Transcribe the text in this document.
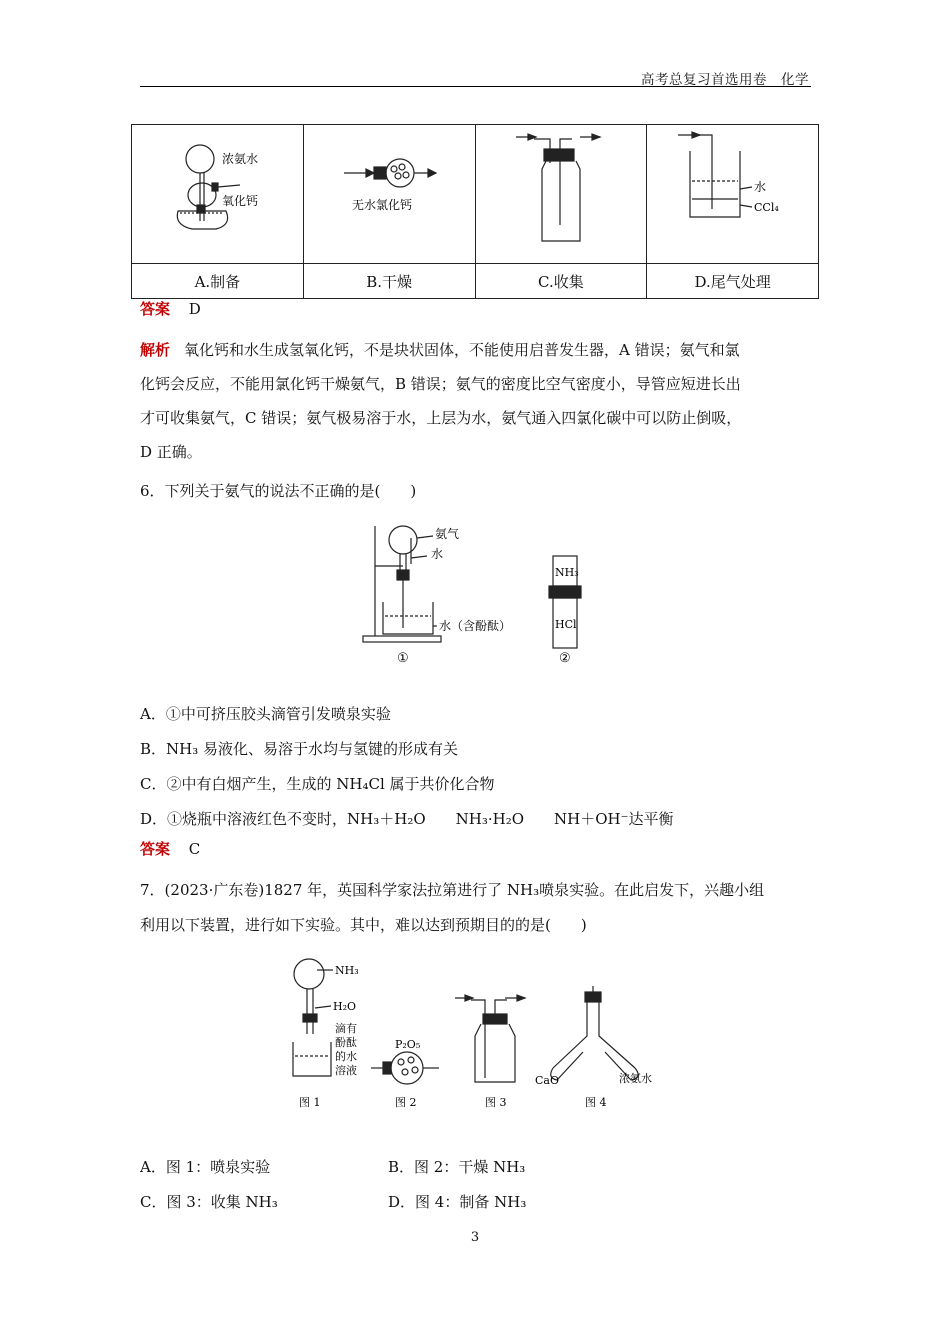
高考总复习首选用卷　化学
浓氨水
氧化钙	无水氯化钙		水
CCl₄

A.制备	B.干燥	C.收集	D.尾气处理
答案 D
解析 氧化钙和水生成氢氧化钙，不是块状固体，不能使用启普发生器，A 错误；氨气和氯
化钙会反应，不能用氯化钙干燥氨气，B 错误；氨气的密度比空气密度小，导管应短进长出
才可收集氨气，C 错误；氨气极易溶于水，上层为水，氨气通入四氯化碳中可以防止倒吸，
D 正确。
6．下列关于氨气的说法不正确的是(　　)
氨气
水
水（含酚酞）
①
NH₃
HCl
②
A．①中可挤压胶头滴管引发喷泉实验
B．NH₃ 易液化、易溶于水均与氢键的形成有关
C．②中有白烟产生，生成的 NH₄Cl 属于共价化合物
D．①烧瓶中溶液红色不变时，NH₃＋H₂O　　NH₃·H₂O　　NH＋OH⁻达平衡
答案 C
7．(2023·广东卷)1827 年，英国科学家法拉第进行了 NH₃喷泉实验。在此启发下，兴趣小组
利用以下装置，进行如下实验。其中，难以达到预期目的的是(　　)
NH₃
H₂O
滴有
酚酞
的水
溶液
P₂O₅
CaO	浓氨水
图 1	图 2	图 3	图 4
A．图 1：喷泉实验	B．图 2：干燥 NH₃
C．图 3：收集 NH₃	D．图 4：制备 NH₃
3
